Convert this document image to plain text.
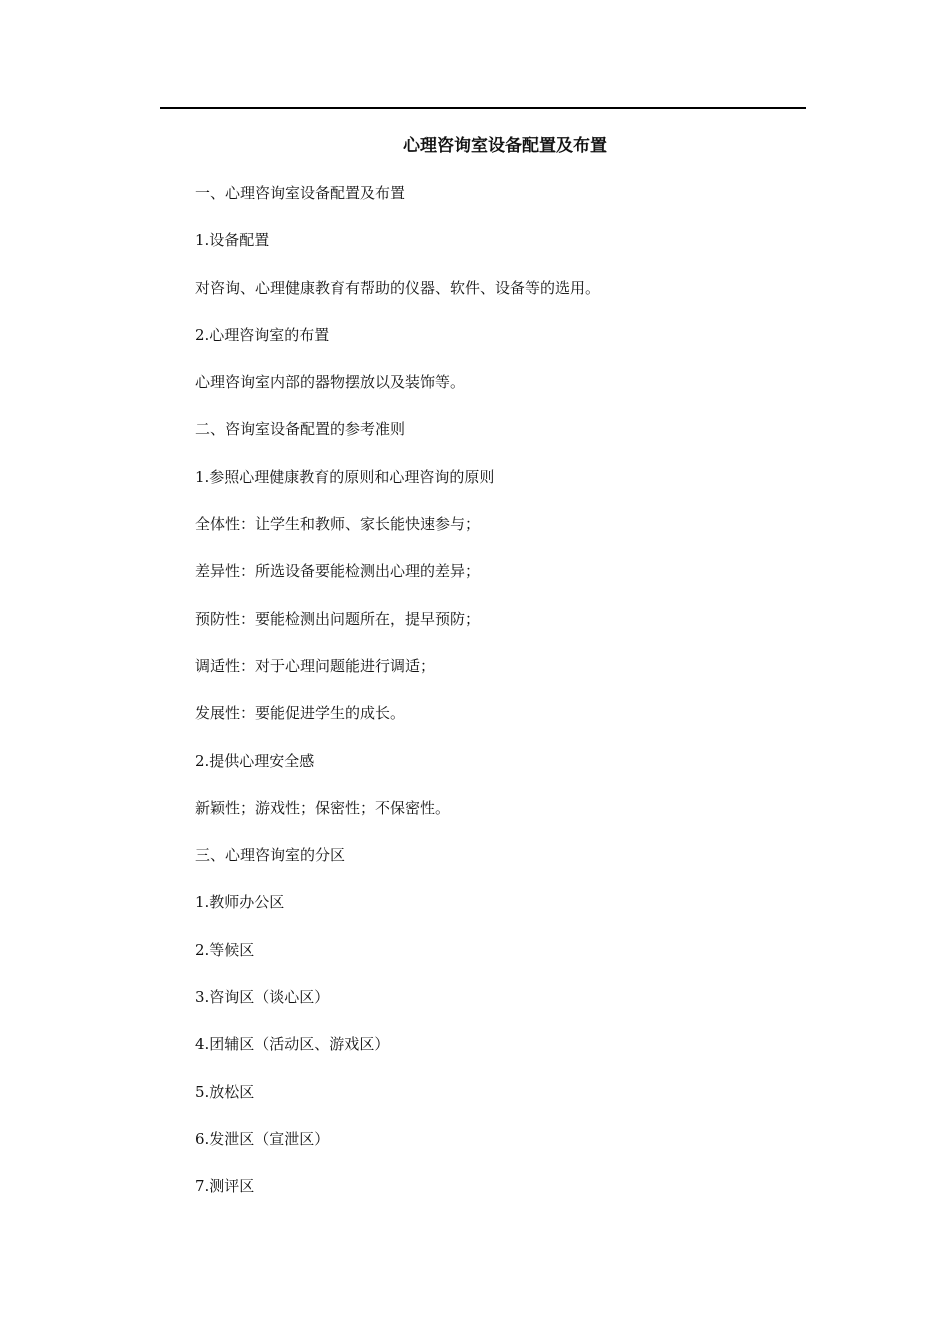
心理咨询室设备配置及布置

一、心理咨询室设备配置及布置

1.设备配置

对咨询、心理健康教育有帮助的仪器、软件、设备等的选用。

2.心理咨询室的布置

心理咨询室内部的器物摆放以及装饰等。

二、咨询室设备配置的参考准则

1.参照心理健康教育的原则和心理咨询的原则

全体性：让学生和教师、家长能快速参与；

差异性：所选设备要能检测出心理的差异；

预防性：要能检测出问题所在，提早预防；

调适性：对于心理问题能进行调适；

发展性：要能促进学生的成长。

2.提供心理安全感

新颖性；游戏性；保密性；不保密性。

三、心理咨询室的分区

1.教师办公区

2.等候区

3.咨询区（谈心区）

4.团辅区（活动区、游戏区）

5.放松区

6.发泄区（宣泄区）

7.测评区
